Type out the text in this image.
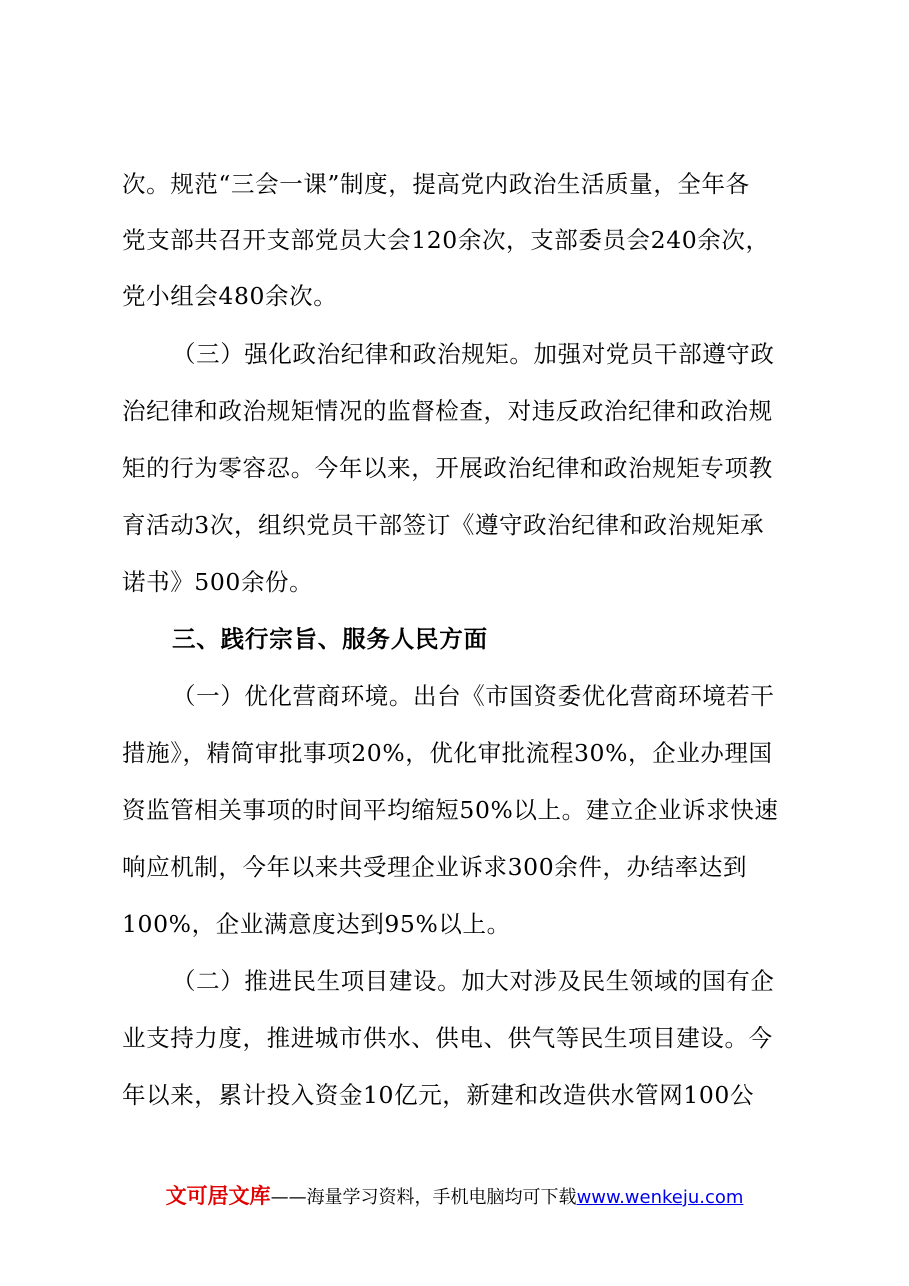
次。规范“三会一课”制度，提高党内政治生活质量，全年各
党支部共召开支部党员大会120余次，支部委员会240余次，
党小组会480余次。
（三）强化政治纪律和政治规矩。加强对党员干部遵守政
治纪律和政治规矩情况的监督检查，对违反政治纪律和政治规
矩的行为零容忍。今年以来，开展政治纪律和政治规矩专项教
育活动3次，组织党员干部签订《遵守政治纪律和政治规矩承
诺书》500余份。
三、践行宗旨、服务人民方面
（一）优化营商环境。出台《市国资委优化营商环境若干
措施》，精简审批事项20%，优化审批流程30%，企业办理国
资监管相关事项的时间平均缩短50%以上。建立企业诉求快速
响应机制，今年以来共受理企业诉求300余件，办结率达到
100%，企业满意度达到95%以上。
（二）推进民生项目建设。加大对涉及民生领域的国有企
业支持力度，推进城市供水、供电、供气等民生项目建设。今
年以来，累计投入资金10亿元，新建和改造供水管网100公
文可居文库——海量学习资料，手机电脑均可下载www.wenkeju.com
